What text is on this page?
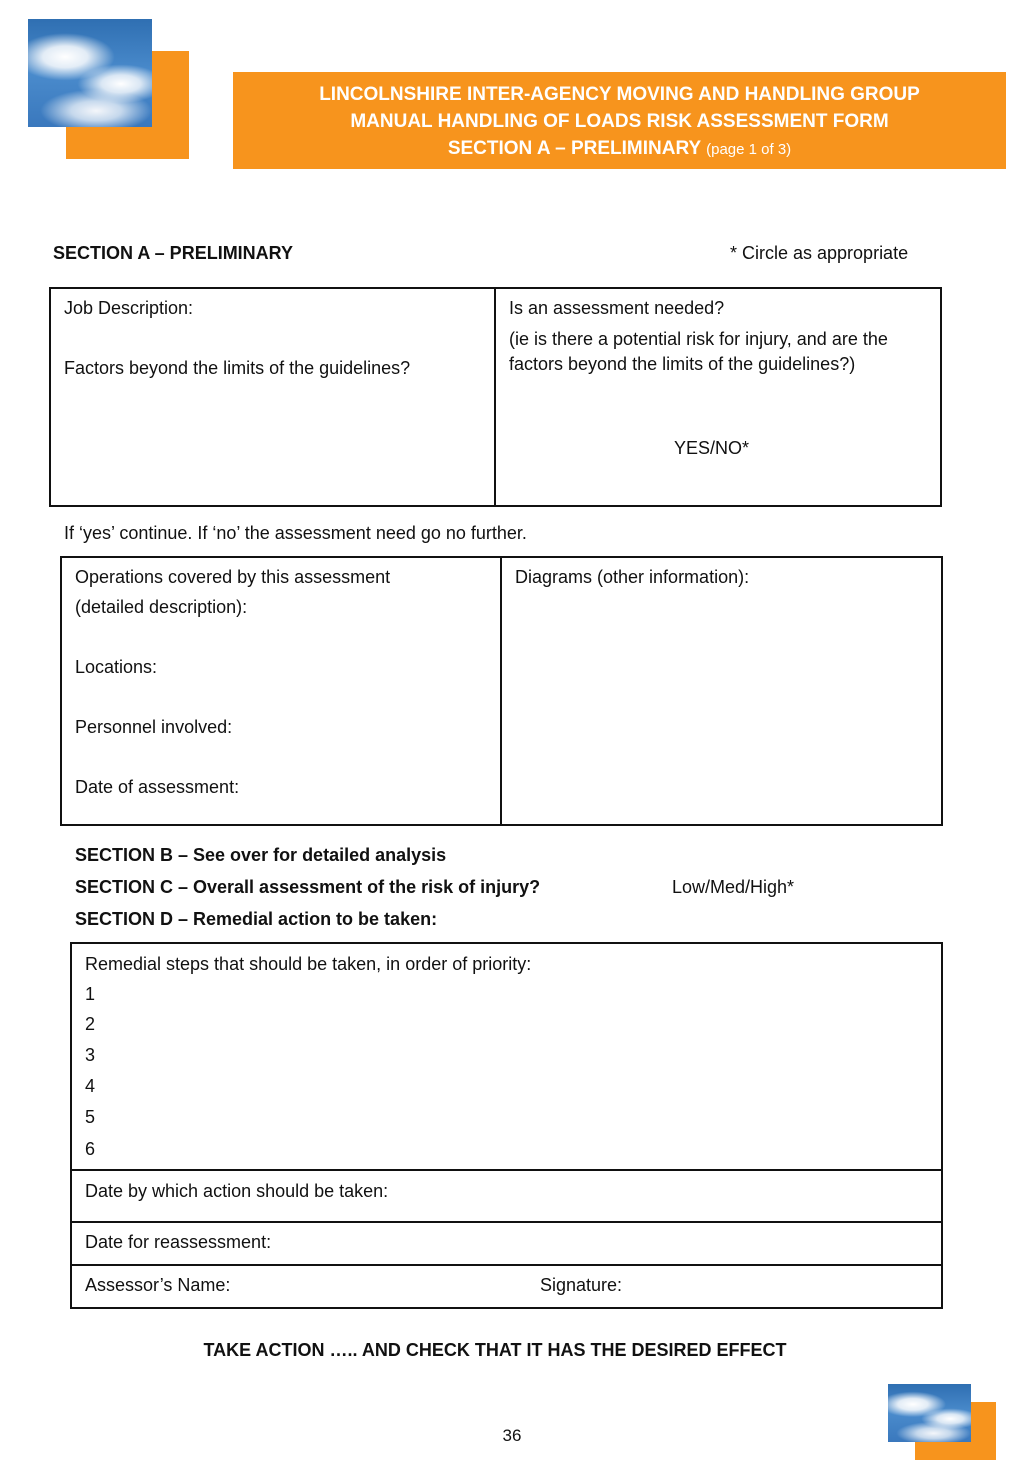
LINCOLNSHIRE INTER-AGENCY MOVING AND HANDLING GROUP
MANUAL HANDLING OF LOADS RISK ASSESSMENT FORM
SECTION A – PRELIMINARY (page 1 of 3)
SECTION A – PRELIMINARY	* Circle as appropriate
Job Description:
Factors beyond the limits of the guidelines?
Is an assessment needed?
(ie is there a potential risk for injury, and are the factors beyond the limits of the guidelines?)
YES/NO*
If ‘yes’ continue. If ‘no’ the assessment need go no further.
Operations covered by this assessment
(detailed description):
Locations:
Personnel involved:
Date of assessment:
Diagrams (other information):
SECTION B – See over for detailed analysis
SECTION C – Overall assessment of the risk of injury?	Low/Med/High*
SECTION D – Remedial action to be taken:
Remedial steps that should be taken, in order of priority:
1
2
3
4
5
6
Date by which action should be taken:
Date for reassessment:
Assessor’s Name:	Signature:
TAKE ACTION ….. AND CHECK THAT IT HAS THE DESIRED EFFECT
36
